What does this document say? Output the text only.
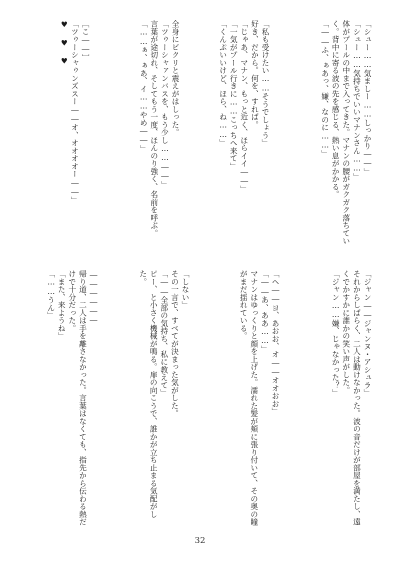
「シュー……気ましー……しっかり――」

「シュー……気持ちでいいマナンさん……」

体がプールの中まで入ってきた。マナンの腰がガクガク落ちていく。背中に寄る波の先を感じる、熱い息がかかる。

「――ふ、ぁあっ、嫌、なのに……」

「私も受けたい……そうでしょう」

好き、だから。何を、すれば。

「じゃあ、マナン、もっと近く、ほらイイ――」

「一気がプール行きに……こっちへ来て」

「くんぷいいけど、ほら、ね……」

全身にビクリと震えがはしった。

「ツゥーシャァンバスを、もう少し……――」

言葉が途切れ、そしてもう一度、ほんのり強く、名前を呼ぶ。

「……ぁ、ぁあ、イ……やめ――」

［こ――］

「ツゥーシャゥンズスー――オ、オオオオー――」

♥ ♥ ♥

「ジャン――ジャンヌ・アシュラ」

それからしばらく、二人は動けなかった。波の音だけが部屋を満たし、遠くでかすかに誰かの笑い声がした。

「ジャン……嫌、じゃなかった？」

「ヘ――ヨ、あおお、オ――オオおお」

「――あ、ああ……」

マナンはゆっくりと顔を上げた。濡れた髪が頬に張り付いて、その奥の瞳がまだ揺れている。

「しない」

その一言で、すべてが決まった気がした。

「――全部の気持ち、私に教えて」

ピー、と小さく機械が鳴る。扉の向こうで、誰かが立ち止まる気配がした。

――――――

帰り道、二人は手を離さなかった。言葉はなくても、指先から伝わる熱だけで十分だった。

「また、来ようね」

「……うん」

32
